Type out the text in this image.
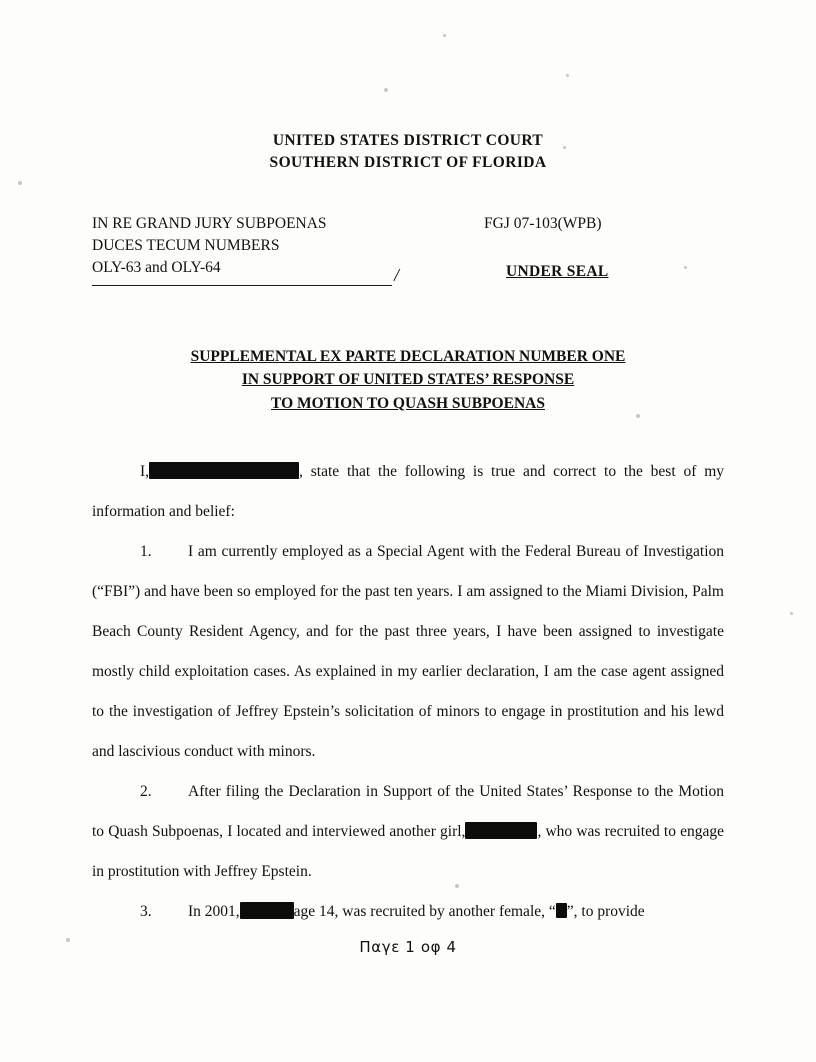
UNITED STATES DISTRICT COURT
SOUTHERN DISTRICT OF FLORIDA
IN RE GRAND JURY SUBPOENAS
DUCES TECUM NUMBERS
OLY-63 and OLY-64
FGJ 07-103(WPB)
UNDER SEAL
/
SUPPLEMENTAL EX PARTE DECLARATION NUMBER ONE
IN SUPPORT OF UNITED STATES’ RESPONSE
TO MOTION TO QUASH SUBPOENAS

I,	, state that the following is true and correct to the best of my information and belief:

1. I am currently employed as a Special Agent with the Federal Bureau of Investigation (“FBI”) and have been so employed for the past ten years. I am assigned to the Miami Division, Palm Beach County Resident Agency, and for the past three years, I have been assigned to investigate mostly child exploitation cases. As explained in my earlier declaration, I am the case agent assigned to the investigation of Jeffrey Epstein’s solicitation of minors to engage in prostitution and his lewd and lascivious conduct with minors.

2. After filing the Declaration in Support of the United States’ Response to the Motion to Quash Subpoenas, I located and interviewed another girl,	, who was recruited to engage in prostitution with Jeffrey Epstein.

3. In 2001,	age 14, was recruited by another female, “ ”, to provide

Παγε 1 οφ 4
